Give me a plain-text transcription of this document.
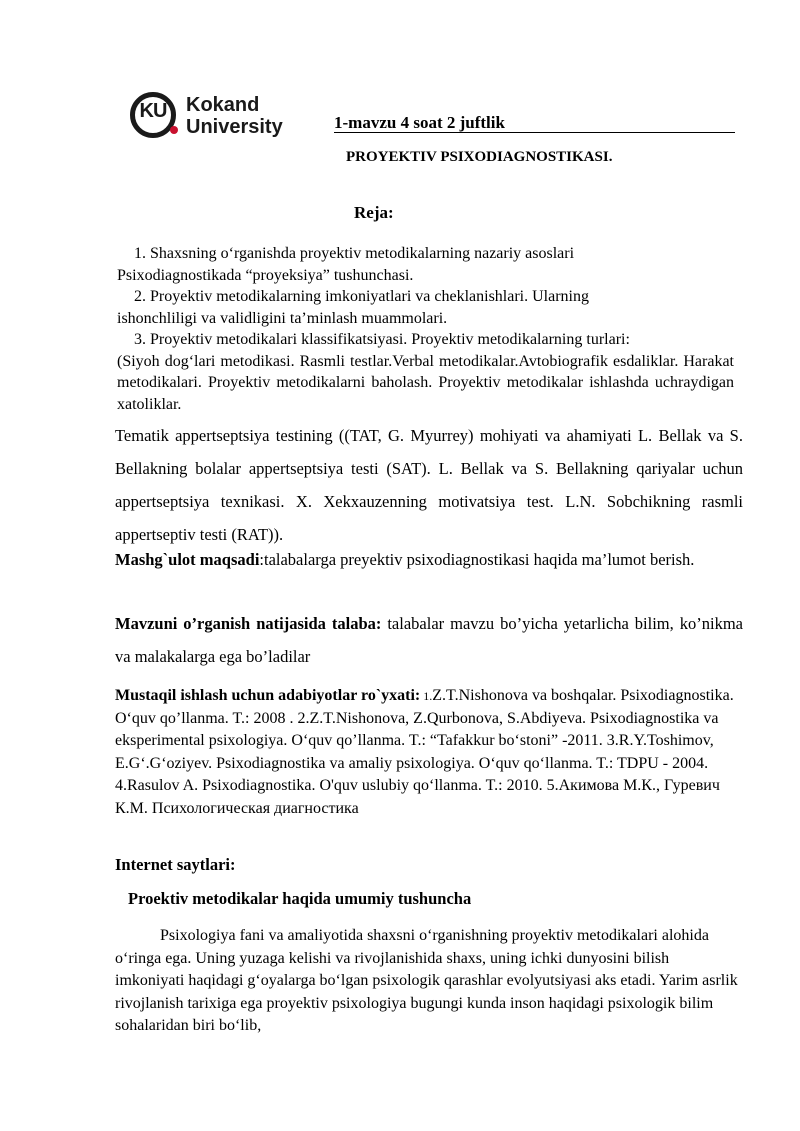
KU Kokand
University	1-mavzu 4 soat 2 juftlik
PROYEKTIV PSIXODIAGNOSTIKASI.
Reja:
1. Shaxsning o‘rganishda proyektiv metodikalarning nazariy asoslari
Psixodiagnostikada “proyeksiya” tushunchasi.
2. Proyektiv metodikalarning imkoniyatlari va cheklanishlari. Ularning
ishonchliligi va validligini ta’minlash muammolari.
3. Proyektiv metodikalari klassifikatsiyasi. Proyektiv metodikalarning turlari:
(Siyoh dog‘lari metodikasi. Rasmli testlar.Verbal metodikalar.Avtobiografik esdaliklar. Harakat metodikalari. Proyektiv metodikalarni baholash. Proyektiv metodikalar ishlashda uchraydigan xatoliklar.
Tematik appertseptsiya testining ((TAT, G. Myurrey) mohiyati va ahamiyati L. Bellak va S. Bellakning bolalar appertseptsiya testi (SAT). L. Bellak va S. Bellakning qariyalar uchun appertseptsiya texnikasi. X. Xekxauzenning motivatsiya test. L.N. Sobchikning rasmli appertseptiv testi (RAT)).
Mashg`ulot maqsadi:talabalarga preyektiv psixodiagnostikasi haqida ma’lumot berish.
Mavzuni o’rganish natijasida talaba: talabalar mavzu bo’yicha yetarlicha bilim, ko’nikma va malakalarga ega bo’ladilar
Mustaqil ishlash uchun adabiyotlar ro`yxati: 1.Z.T.Nishonova va boshqalar. Psixodiagnostika. O‘quv qo’llanma. T.: 2008 . 2.Z.T.Nishonova, Z.Qurbonova, S.Abdiyeva. Psixodiagnostika va eksperimental psixologiya. O‘quv qo’llanma. T.: “Tafakkur bo‘stoni” -2011. 3.R.Y.Toshimov, E.G‘.G‘oziyev. Psixodiagnostika va amaliy psixologiya. O‘quv qo‘llanma. T.: TDPU - 2004. 4.Rasulov A. Psixodiagnostika. O'quv uslubiy qo‘llanma. T.: 2010. 5.Акимова М.К., Гуревич К.М. Психологическая диагностика
Internet saytlari:
Proektiv metodikalar haqida umumiy tushuncha
Psixologiya fani va amaliyotida shaxsni o‘rganishning proyektiv metodikalari alohida o‘ringa ega. Uning yuzaga kelishi va rivojlanishida shaxs, uning ichki dunyosini bilish imkoniyati haqidagi g‘oyalarga bo‘lgan psixologik qarashlar evolyutsiyasi aks etadi. Yarim asrlik rivojlanish tarixiga ega proyektiv psixologiya bugungi kunda inson haqidagi psixologik bilim sohalaridan biri bo‘lib,
